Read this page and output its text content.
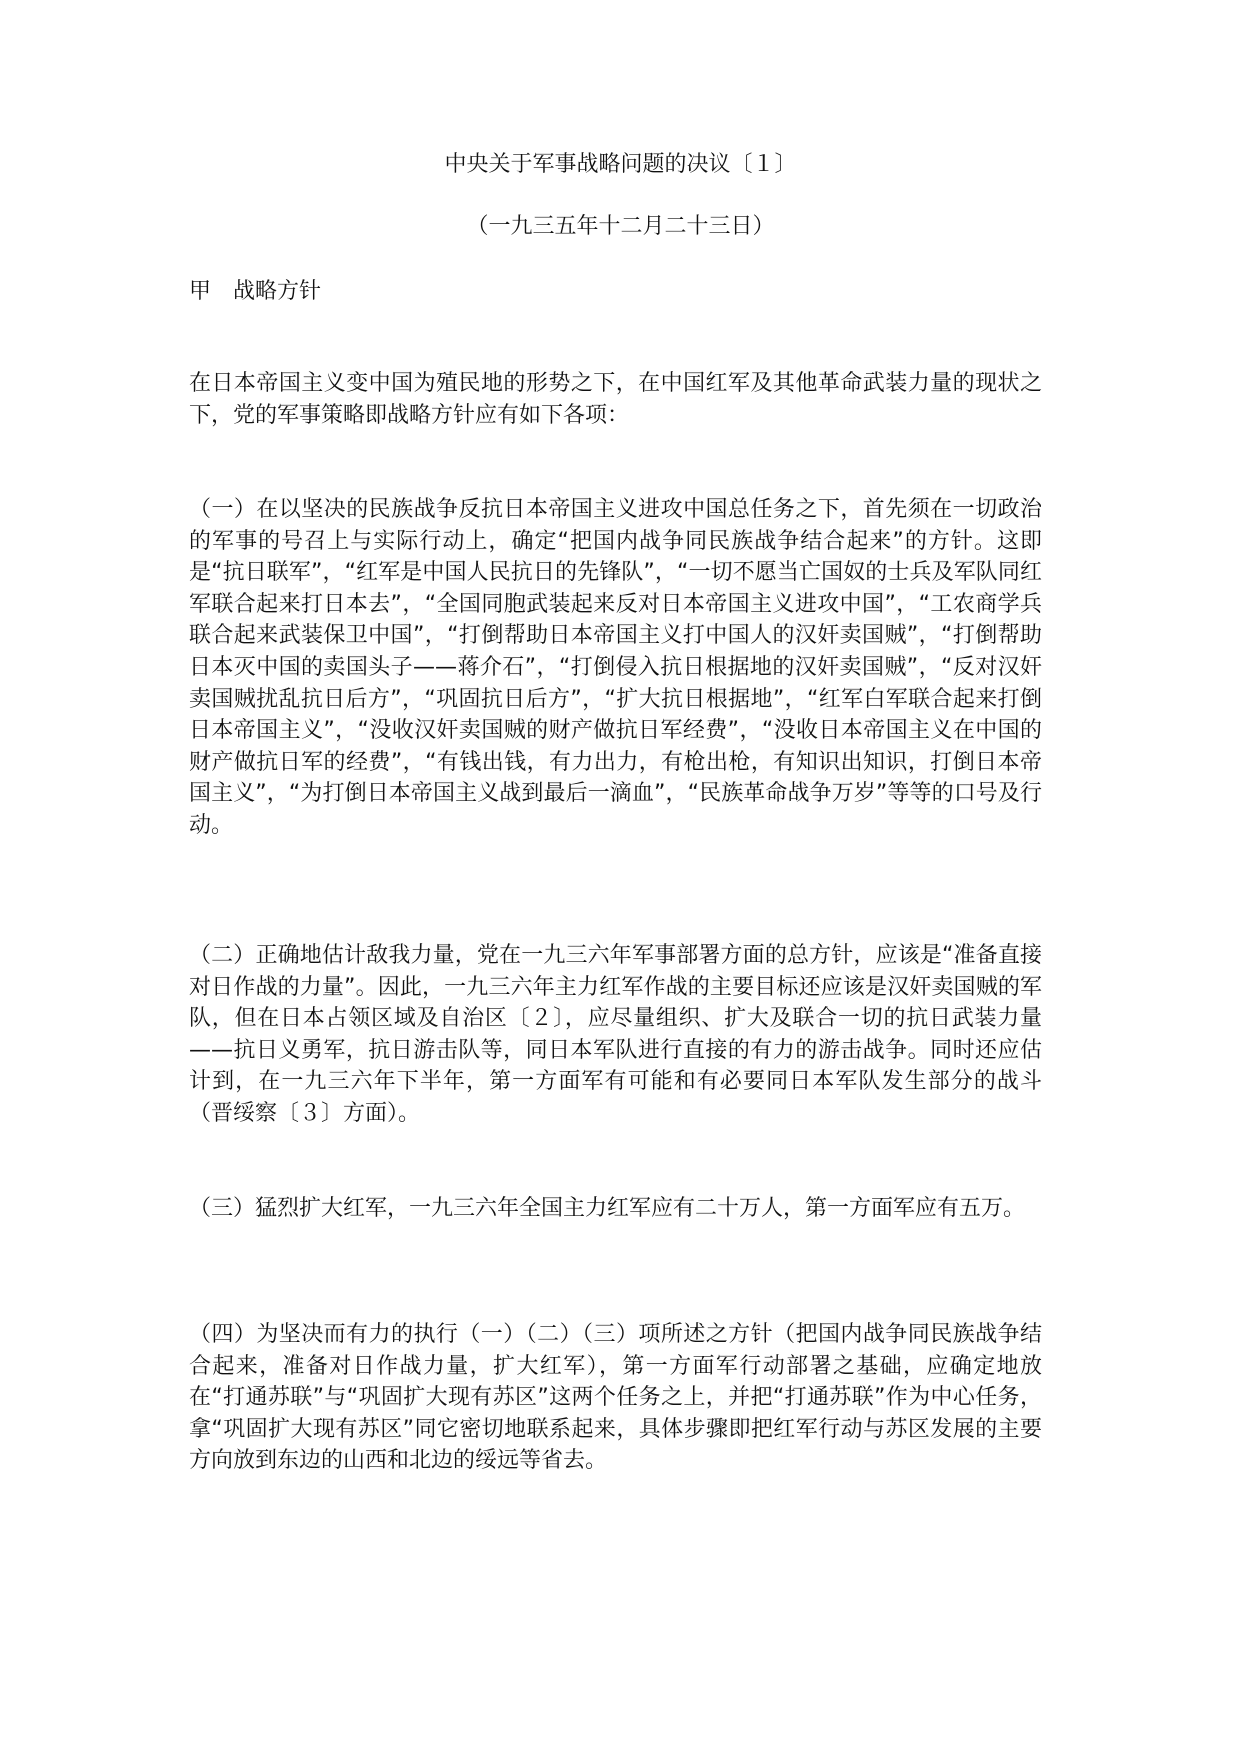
中央关于军事战略问题的决议〔１〕
（一九三五年十二月二十三日）
甲　战略方针

在日本帝国主义变中国为殖民地的形势之下，在中国红军及其他革命武装力量的现状之下，党的军事策略即战略方针应有如下各项：

（一）在以坚决的民族战争反抗日本帝国主义进攻中国总任务之下，首先须在一切政治的军事的号召上与实际行动上，确定“把国内战争同民族战争结合起来”的方针。这即是“抗日联军”，“红军是中国人民抗日的先锋队”，“一切不愿当亡国奴的士兵及军队同红军联合起来打日本去”，“全国同胞武装起来反对日本帝国主义进攻中国”，“工农商学兵联合起来武装保卫中国”，“打倒帮助日本帝国主义打中国人的汉奸卖国贼”，“打倒帮助日本灭中国的卖国头子——蒋介石”，“打倒侵入抗日根据地的汉奸卖国贼”，“反对汉奸卖国贼扰乱抗日后方”，“巩固抗日后方”，“扩大抗日根据地”，“红军白军联合起来打倒日本帝国主义”，“没收汉奸卖国贼的财产做抗日军经费”，“没收日本帝国主义在中国的财产做抗日军的经费”，“有钱出钱，有力出力，有枪出枪，有知识出知识，打倒日本帝国主义”，“为打倒日本帝国主义战到最后一滴血”，“民族革命战争万岁”等等的口号及行动。

（二）正确地估计敌我力量，党在一九三六年军事部署方面的总方针，应该是“准备直接对日作战的力量”。因此，一九三六年主力红军作战的主要目标还应该是汉奸卖国贼的军队，但在日本占领区域及自治区〔２〕，应尽量组织、扩大及联合一切的抗日武装力量——抗日义勇军，抗日游击队等，同日本军队进行直接的有力的游击战争。同时还应估计到，在一九三六年下半年，第一方面军有可能和有必要同日本军队发生部分的战斗（晋绥察〔３〕方面）。

（三）猛烈扩大红军，一九三六年全国主力红军应有二十万人，第一方面军应有五万。

（四）为坚决而有力的执行（一）（二）（三）项所述之方针（把国内战争同民族战争结合起来，准备对日作战力量，扩大红军），第一方面军行动部署之基础，应确定地放在“打通苏联”与“巩固扩大现有苏区”这两个任务之上，并把“打通苏联”作为中心任务，拿“巩固扩大现有苏区”同它密切地联系起来，具体步骤即把红军行动与苏区发展的主要方向放到东边的山西和北边的绥远等省去。
